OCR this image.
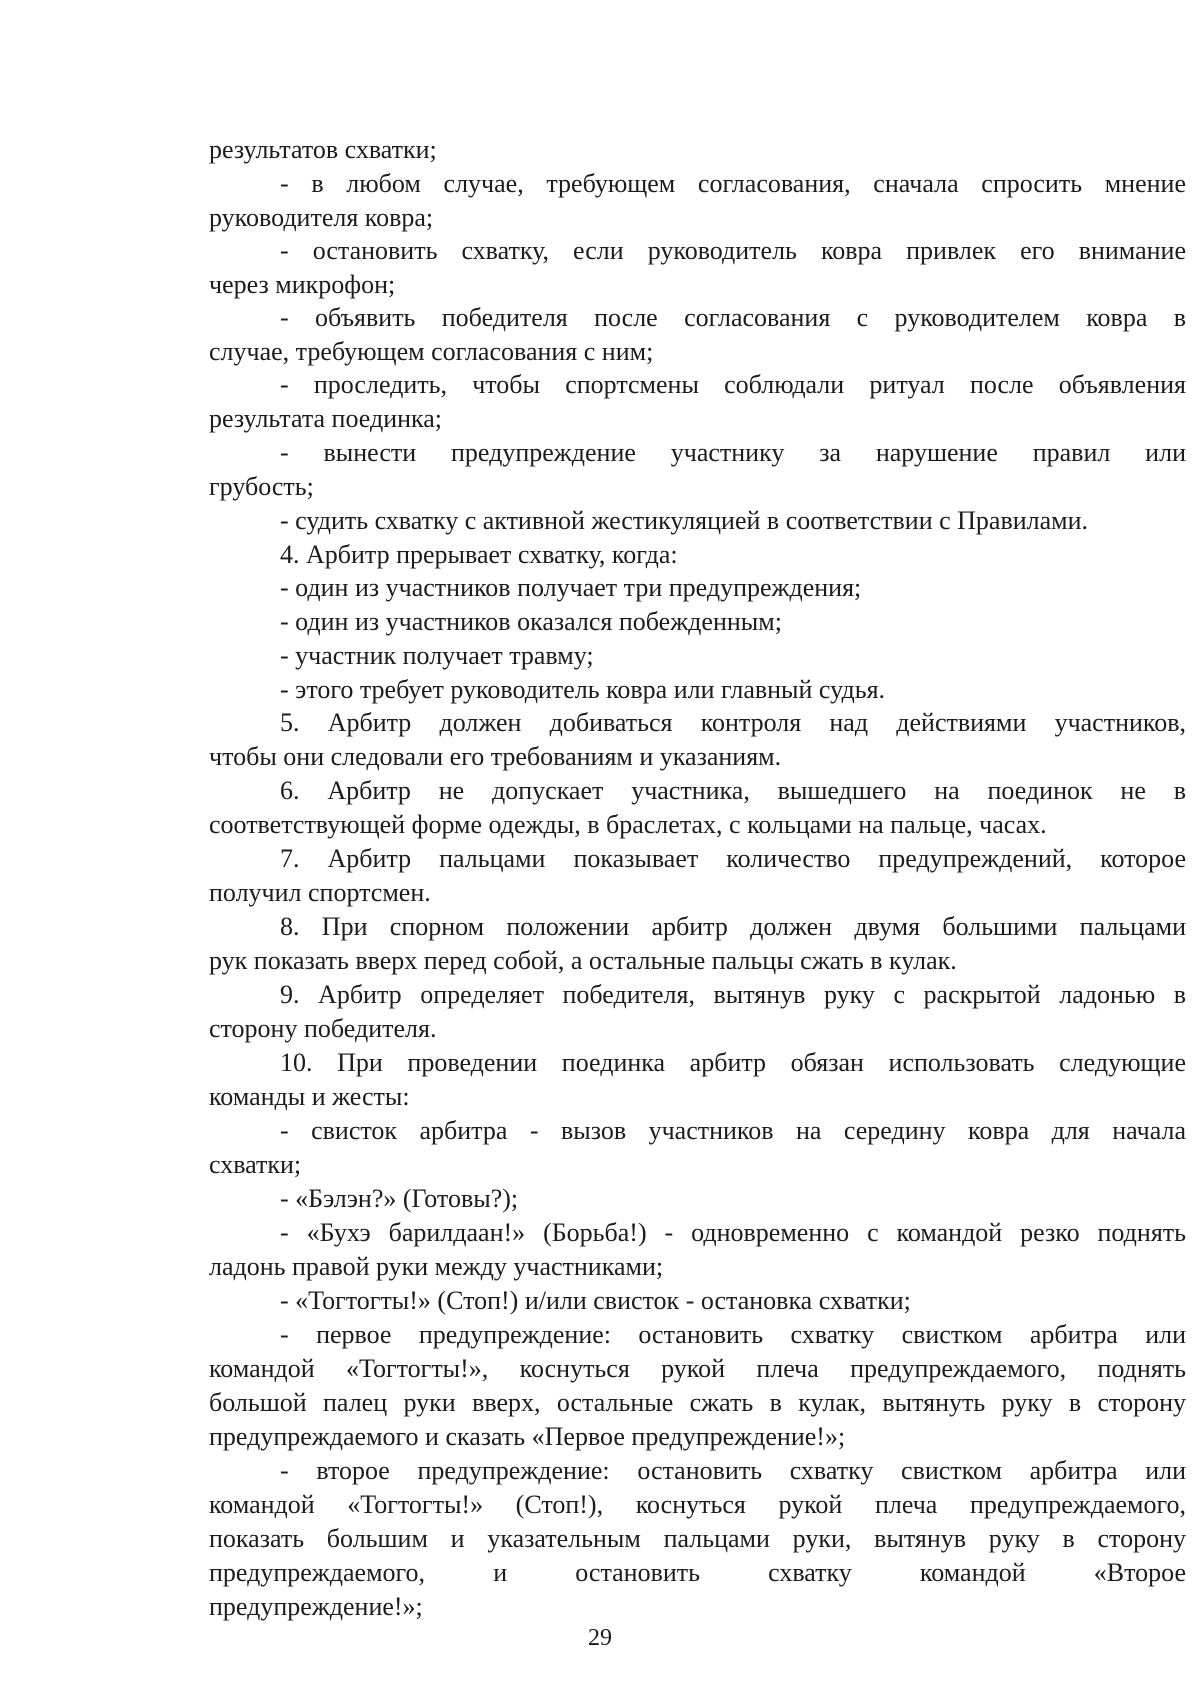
результатов схватки;
- в любом случае, требующем согласования, сначала спросить мнение
руководителя ковра;
- остановить схватку, если руководитель ковра привлек его внимание
через микрофон;
- объявить победителя после согласования с руководителем ковра в
случае, требующем согласования с ним;
- проследить, чтобы спортсмены соблюдали ритуал после объявления
результата поединка;
- вынести предупреждение участнику за нарушение правил или
грубость;
- судить схватку с активной жестикуляцией в соответствии с Правилами.
4. Арбитр прерывает схватку, когда:
- один из участников получает три предупреждения;
- один из участников оказался побежденным;
- участник получает травму;
- этого требует руководитель ковра или главный судья.
5. Арбитр должен добиваться контроля над действиями участников,
чтобы они следовали его требованиям и указаниям.
6. Арбитр не допускает участника, вышедшего на поединок не в
соответствующей форме одежды, в браслетах, с кольцами на пальце, часах.
7. Арбитр пальцами показывает количество предупреждений, которое
получил спортсмен.
8. При спорном положении арбитр должен двумя большими пальцами
рук показать вверх перед собой, а остальные пальцы сжать в кулак.
9. Арбитр определяет победителя, вытянув руку с раскрытой ладонью в
сторону победителя.
10. При проведении поединка арбитр обязан использовать следующие
команды и жесты:
- свисток арбитра - вызов участников на середину ковра для начала
схватки;
- «Бэлэн?» (Готовы?);
- «Бухэ барилдаан!» (Борьба!) - одновременно с командой резко поднять
ладонь правой руки между участниками;
- «Тогтогты!» (Стоп!) и/или свисток - остановка схватки;
- первое предупреждение: остановить схватку свистком арбитра или
командой «Тогтогты!», коснуться рукой плеча предупреждаемого, поднять
большой палец руки вверх, остальные сжать в кулак, вытянуть руку в сторону
предупреждаемого и сказать «Первое предупреждение!»;
- второе предупреждение: остановить схватку свистком арбитра или
командой «Тогтогты!» (Стоп!), коснуться рукой плеча предупреждаемого,
показать большим и указательным пальцами руки, вытянув руку в сторону
предупреждаемого, и остановить схватку командой «Второе
предупреждение!»;
29
